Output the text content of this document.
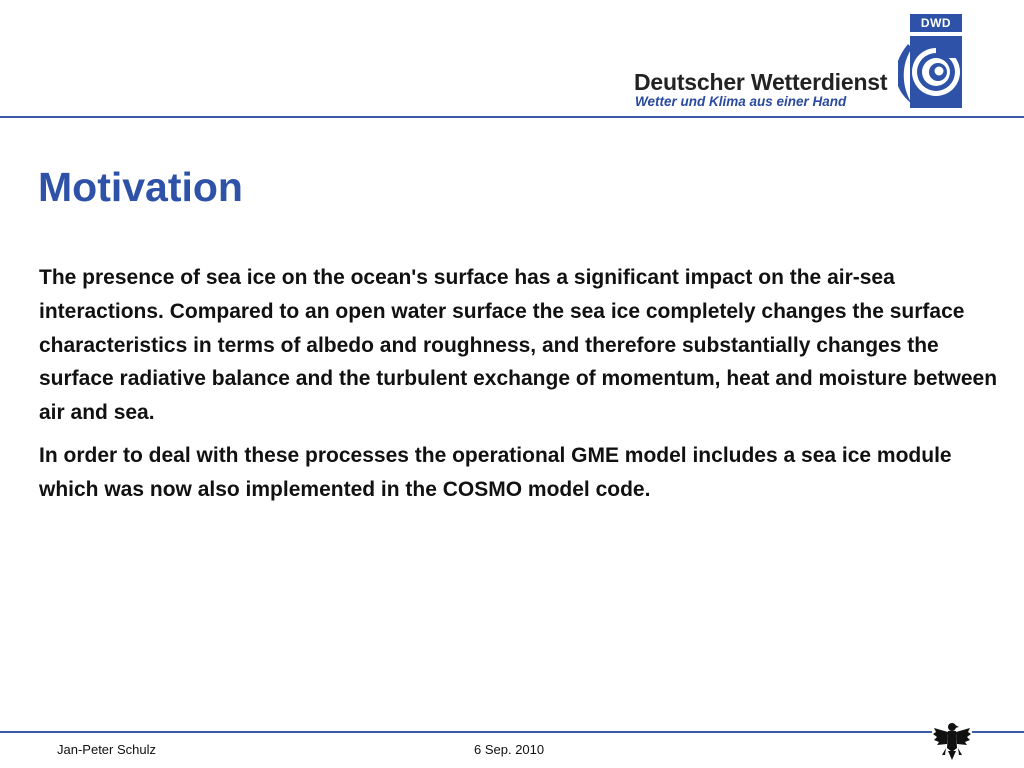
Deutscher Wetterdienst
Wetter und Klima aus einer Hand
DWD
Motivation

The presence of sea ice on the ocean's surface has a significant impact on the air-sea interactions. Compared to an open water surface the sea ice completely changes the surface characteristics in terms of albedo and roughness, and therefore substantially changes the surface radiative balance and the turbulent exchange of momentum, heat and moisture between air and sea.

In order to deal with these processes the operational GME model includes a sea ice module which was now also implemented in the COSMO model code.

Jan-Peter Schulz	6 Sep. 2010
